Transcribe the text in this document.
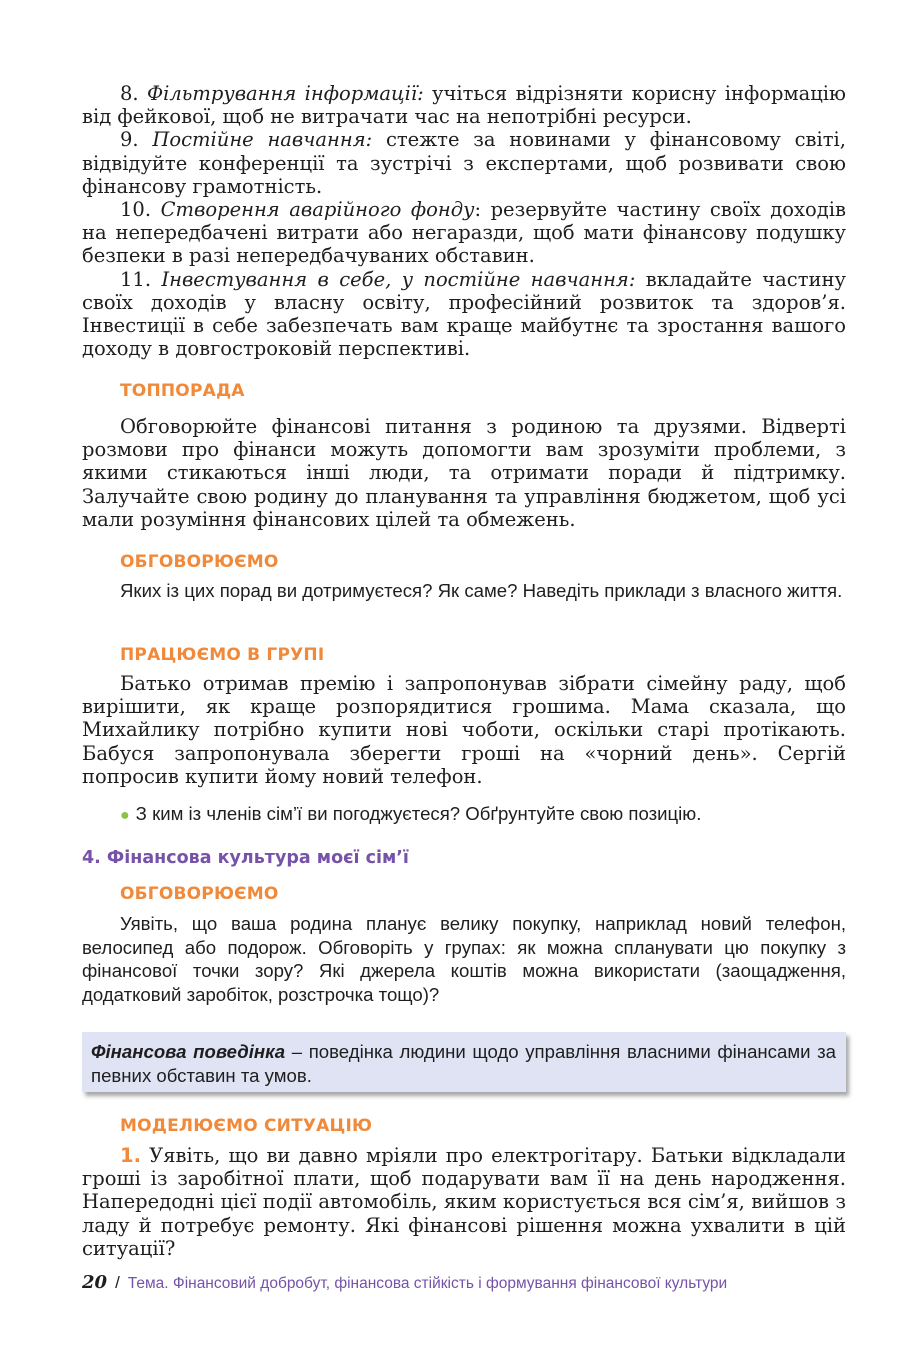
8. Фільтрування інформації: учіться відрізняти корисну інформацію від фейкової, щоб не витрачати час на непотрібні ресурси.

9. Постійне навчання: стежте за новинами у фінансовому світі, відвідуйте конференції та зустрічі з експертами, щоб розвивати свою фінансову грамотність.

10. Створення аварійного фонду: резервуйте частину своїх доходів на непередбачені витрати або негаразди, щоб мати фінансову подушку безпеки в разі непередбачуваних обставин.

11. Інвестування в себе, у постійне навчання: вкладайте частину своїх доходів у власну освіту, професійний розвиток та здоров’я. Інвестиції в себе забезпечать вам краще майбутнє та зростання вашого доходу в довгостроковій перспективі.

ТОППОРАДА

Обговорюйте фінансові питання з родиною та друзями. Відверті розмови про фінанси можуть допомогти вам зрозуміти проблеми, з якими стикаються інші люди, та отримати поради й підтримку. Залучайте свою родину до планування та управління бюджетом, щоб усі мали розуміння фінансових цілей та обмежень.

ОБГОВОРЮЄМО

Яких із цих порад ви дотримуєтеся? Як саме? Наведіть приклади з власного життя.

ПРАЦЮЄМО В ГРУПІ

Батько отримав премію і запропонував зібрати сімейну раду, щоб вирішити, як краще розпорядитися грошима. Мама сказала, що Михайлику потрібно купити нові чоботи, оскільки старі протікають. Бабуся запропонувала зберегти гроші на «чорний день». Сергій попросив купити йому новий телефон.

● З ким із членів сім’ї ви погоджуєтеся? Обґрунтуйте свою позицію.

4. Фінансова культура моєї сім’ї
ОБГОВОРЮЄМО

Уявіть, що ваша родина планує велику покупку, наприклад новий телефон, велосипед або подорож. Обговоріть у групах: як можна спланувати цю покупку з фінансової точки зору? Які джерела коштів можна використати (заощадження, додатковий заробіток, розстрочка тощо)?

МОДЕЛЮЄМО СИТУАЦІЮ

1. Уявіть, що ви давно мріяли про електрогітару. Батьки відкладали гроші із заробітної плати, щоб подарувати вам її на день народження. Напередодні цієї події автомобіль, яким користується вся сім’я, вийшов з ладу й потребує ремонту. Які фінансові рішення можна ухвалити в цій ситуації?

Фінансова поведінка – поведінка людини щодо управління власними фінансами за певних обставин та умов.
20 / Тема. Фінансовий добробут, фінансова стійкість і формування фінансової культури
